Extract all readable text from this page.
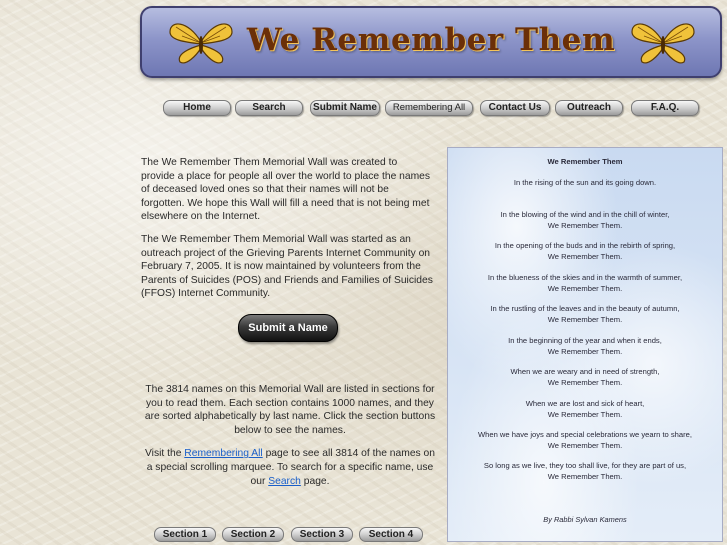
We Remember Them
Home	Search	Submit Name	Remembering All	Contact Us	Outreach	F.A.Q.

The We Remember Them Memorial Wall was created to provide a place for people all over the world to place the names of deceased loved ones so that their names will not be forgotten. We hope this Wall will fill a need that is not being met elsewhere on the Internet.

The We Remember Them Memorial Wall was started as an outreach project of the Grieving Parents Internet Community on February 7, 2005. It is now maintained by volunteers from the Parents of Suicides (POS) and Friends and Families of Suicides (FFOS) Internet Community.

Submit a Name

The 3814 names on this Memorial Wall are listed in sections for you to read them. Each section contains 1000 names, and they are sorted alphabetically by last name. Click the section buttons below to see the names.

Visit the Remembering All page to see all 3814 of the names on a special scrolling marquee. To search for a specific name, use our Search page.

Section 1	Section 2	Section 3	Section 4
We Remember Them
In the rising of the sun and its going down.
In the blowing of the wind and in the chill of winter,
We Remember Them.
In the opening of the buds and in the rebirth of spring,
We Remember Them.
In the blueness of the skies and in the warmth of summer,
We Remember Them.
In the rustling of the leaves and in the beauty of autumn,
We Remember Them.
In the beginning of the year and when it ends,
We Remember Them.
When we are weary and in need of strength,
We Remember Them.
When we are lost and sick of heart,
We Remember Them.
When we have joys and special celebrations we yearn to share,
We Remember Them.
So long as we live, they too shall live, for they are part of us,
We Remember Them.
By Rabbi Sylvan Kamens
